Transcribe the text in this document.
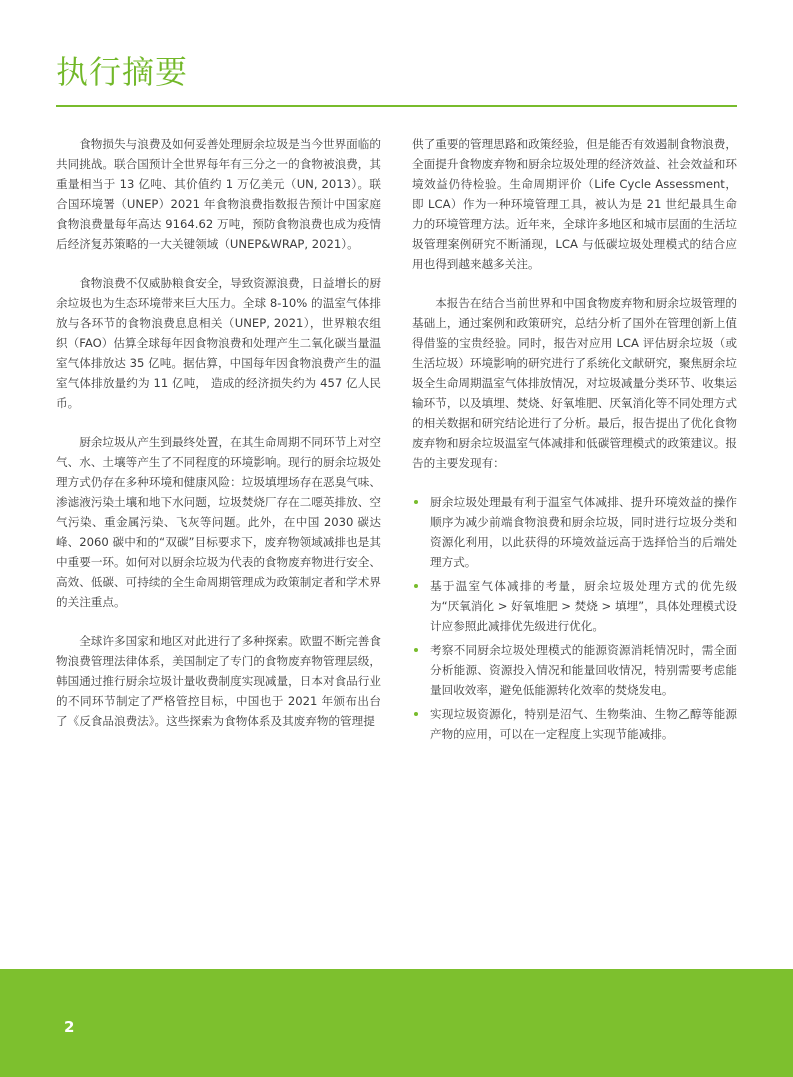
执行摘要

食物损失与浪费及如何妥善处理厨余垃圾是当今世界面临的共同挑战。联合国预计全世界每年有三分之一的食物被浪费，其重量相当于 13 亿吨、其价值约 1 万亿美元（UN, 2013）。联合国环境署（UNEP）2021 年食物浪费指数报告预计中国家庭食物浪费量每年高达 9164.62 万吨，预防食物浪费也成为疫情后经济复苏策略的一大关键领域（UNEP&WRAP, 2021）。

食物浪费不仅威胁粮食安全，导致资源浪费，日益增长的厨余垃圾也为生态环境带来巨大压力。全球 8-10% 的温室气体排放与各环节的食物浪费息息相关（UNEP, 2021），世界粮农组织（FAO）估算全球每年因食物浪费和处理产生二氧化碳当量温室气体排放达 35 亿吨。据估算，中国每年因食物浪费产生的温室气体排放量约为 11 亿吨， 造成的经济损失约为 457 亿人民币。

厨余垃圾从产生到最终处置，在其生命周期不同环节上对空气、水、土壤等产生了不同程度的环境影响。现行的厨余垃圾处理方式仍存在多种环境和健康风险：垃圾填埋场存在恶臭气味、渗滤液污染土壤和地下水问题，垃圾焚烧厂存在二噁英排放、空气污染、重金属污染、飞灰等问题。此外，在中国 2030 碳达峰、2060 碳中和的“双碳”目标要求下，废弃物领域减排也是其中重要一环。如何对以厨余垃圾为代表的食物废弃物进行安全、高效、低碳、可持续的全生命周期管理成为政策制定者和学术界的关注重点。

全球许多国家和地区对此进行了多种探索。欧盟不断完善食物浪费管理法律体系，美国制定了专门的食物废弃物管理层级，韩国通过推行厨余垃圾计量收费制度实现减量，日本对食品行业的不同环节制定了严格管控目标，中国也于 2021 年颁布出台了《反食品浪费法》。这些探索为食物体系及其废弃物的管理提

供了重要的管理思路和政策经验，但是能否有效遏制食物浪费，全面提升食物废弃物和厨余垃圾处理的经济效益、社会效益和环境效益仍待检验。生命周期评价（Life Cycle Assessment，即 LCA）作为一种环境管理工具，被认为是 21 世纪最具生命力的环境管理方法。近年来，全球许多地区和城市层面的生活垃圾管理案例研究不断涌现，LCA 与低碳垃圾处理模式的结合应用也得到越来越多关注。

本报告在结合当前世界和中国食物废弃物和厨余垃圾管理的基础上，通过案例和政策研究，总结分析了国外在管理创新上值得借鉴的宝贵经验。同时，报告对应用 LCA 评估厨余垃圾（或生活垃圾）环境影响的研究进行了系统化文献研究，聚焦厨余垃圾全生命周期温室气体排放情况，对垃圾减量分类环节、收集运输环节，以及填埋、焚烧、好氧堆肥、厌氧消化等不同处理方式的相关数据和研究结论进行了分析。最后，报告提出了优化食物废弃物和厨余垃圾温室气体减排和低碳管理模式的政策建议。报告的主要发现有：

厨余垃圾处理最有利于温室气体减排、提升环境效益的操作顺序为减少前端食物浪费和厨余垃圾，同时进行垃圾分类和资源化利用，以此获得的环境效益远高于选择恰当的后端处理方式。
基于温室气体减排的考量，厨余垃圾处理方式的优先级为“厌氧消化 > 好氧堆肥 > 焚烧 > 填埋”，具体处理模式设计应参照此减排优先级进行优化。
考察不同厨余垃圾处理模式的能源资源消耗情况时，需全面分析能源、资源投入情况和能量回收情况，特别需要考虑能量回收效率，避免低能源转化效率的焚烧发电。
实现垃圾资源化，特别是沼气、生物柴油、生物乙醇等能源产物的应用，可以在一定程度上实现节能减排。
2
